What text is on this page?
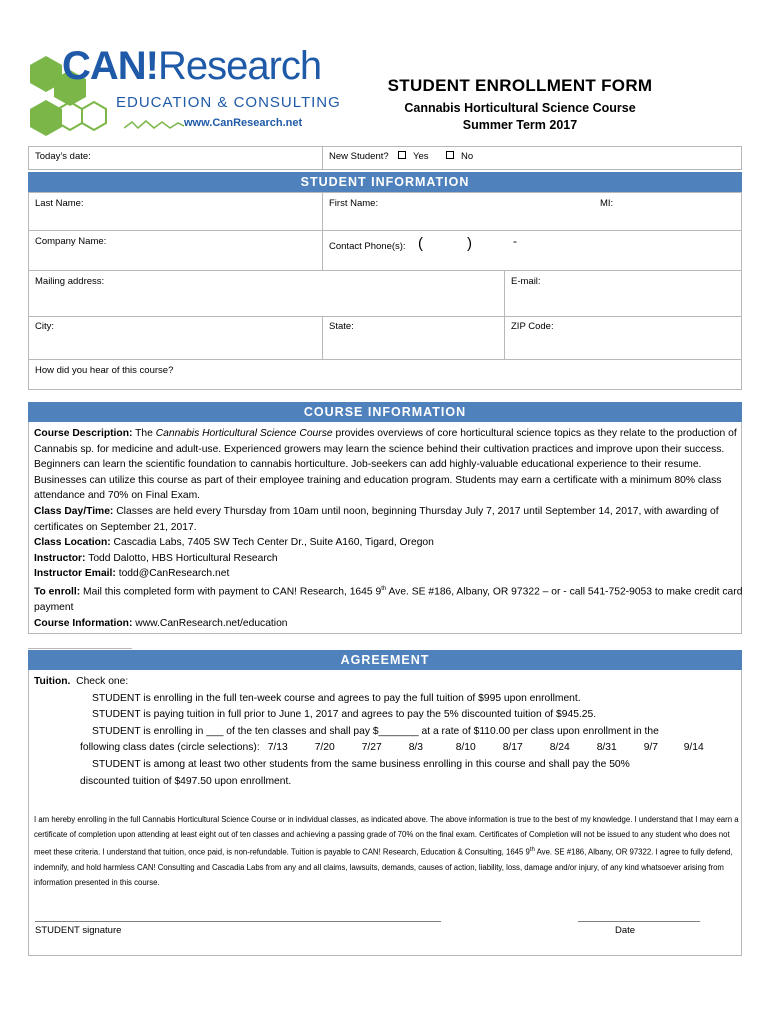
CAN!Research
EDUCATION & CONSULTING
www.CanResearch.net
STUDENT ENROLLMENT FORM
Cannabis Horticultural Science Course
Summer Term 2017
Today’s date:	New Student?	Yes	No
STUDENT INFORMATION
Last Name:	First Name:	MI:
Company Name:	Contact Phone(s): (	)	-
Mailing address:	E-mail:
City:	State:	ZIP Code:
How did you hear of this course?
COURSE INFORMATION

Course Description: The Cannabis Horticultural Science Course provides overviews of core horticultural science topics as they relate to the production of Cannabis sp. for medicine and adult-use. Experienced growers may learn the science behind their cultivation practices and improve upon their success. Beginners can learn the scientific foundation to cannabis horticulture. Job-seekers can add highly-valuable educational experience to their resume. Businesses can utilize this course as part of their employee training and education program. Students may earn a certificate with a minimum 80% class attendance and 70% on Final Exam.

Class Day/Time: Classes are held every Thursday from 10am until noon, beginning Thursday July 7, 2017 until September 14, 2017, with awarding of certificates on September 21, 2017.

Class Location: Cascadia Labs, 7405 SW Tech Center Dr., Suite A160, Tigard, Oregon

Instructor: Todd Dalotto, HBS Horticultural Research

Instructor Email: todd@CanResearch.net

To enroll: Mail this completed form with payment to CAN! Research, 1645 9th Ave. SE #186, Albany, OR 97322 – or - call 541-752-9053 to make credit card payment

Course Information: www.CanResearch.net/education

AGREEMENT
Tuition. Check one:
STUDENT is enrolling in the full ten-week course and agrees to pay the full tuition of $995 upon enrollment.
STUDENT is paying tuition in full prior to June 1, 2017 and agrees to pay the 5% discounted tuition of $945.25.
STUDENT is enrolling in ___ of the ten classes and shall pay $_______ at a rate of $110.00 per class upon enrollment in the
following class dates (circle selections): 7/13	7/20	7/27	8/3	8/10	8/17	8/24	8/31	9/7	9/14
STUDENT is among at least two other students from the same business enrolling in this course and shall pay the 50%
discounted tuition of $497.50 upon enrollment.
I am hereby enrolling in the full Cannabis Horticultural Science Course or in individual classes, as indicated above. The above information is true to the best of my knowledge. I understand that I may earn a certificate of completion upon attending at least eight out of ten classes and achieving a passing grade of 70% on the final exam. Certificates of Completion will not be issued to any student who does not meet these criteria. I understand that tuition, once paid, is non-refundable. Tuition is payable to CAN! Research, Education & Consulting, 1645 9th Ave. SE #186, Albany, OR 97322. I agree to fully defend, indemnify, and hold harmless CAN! Consulting and Cascadia Labs from any and all claims, lawsuits, demands, causes of action, liability, loss, damage and/or injury, of any kind whatsoever arising from information presented in this course.
__________________________________________________________________________________________	___________________________
STUDENT signature	Date
